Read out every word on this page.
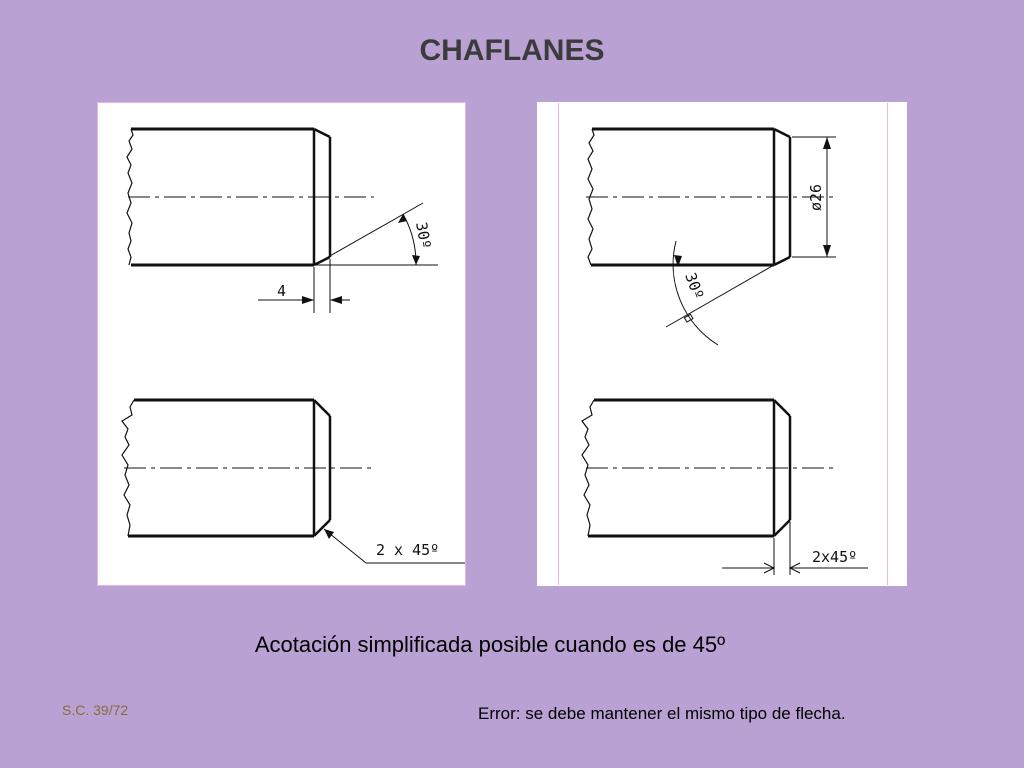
CHAFLANES
30º
4
2 x 45º
ø26
30º
2x45º
Acotación simplificada posible cuando es de 45º
S.C. 39/72	Error: se debe mantener el mismo tipo de flecha.
